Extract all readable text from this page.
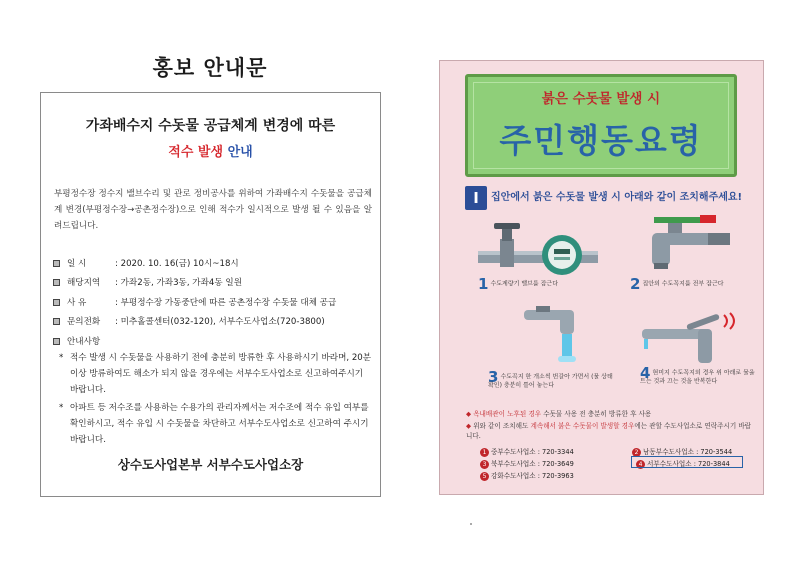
홍보 안내문
가좌배수지 수돗물 공급체계 변경에 따른
적수 발생 안내
부평정수장 정수지 밸브수리 및 관로 정비공사를 위하여 가좌배수지 수돗물을 공급체계 변경(부평정수장→공촌정수장)으로 인해 적수가 일시적으로 발생 될 수 있음을 알려드립니다.
일 시	: 2020. 10. 16(금) 10시~18시
해당지역 : 가좌2동, 가좌3동, 가좌4동 일원
사 유	: 부평정수장 가동중단에 따른 공촌정수장 수돗물 대체 공급
문의전화 : 미추홀콜센터(032-120), 서부수도사업소(720-3800)
안내사항
* 적수 발생 시 수돗물을 사용하기 전에 충분히 방류한 후 사용하시기 바라며, 20분 이상 방류하여도 해소가 되지 않을 경우에는 서부수도사업소로 신고하여주시기 바랍니다.
* 아파트 등 저수조를 사용하는 수용가의 관리자께서는 저수조에 적수 유입 여부를 확인하시고, 적수 유입 시 수돗물을 차단하고 서부수도사업소로 신고하여 주시기 바랍니다.
상수도사업본부 서부수도사업소장
붉은 수돗물 발생 시
주민행동요령
I	집안에서 붉은 수돗물 발생 시 아래와 같이 조치해주세요!
1 수도계량기 밸브를 잠근다	2 집안의 수도꼭지를 전부 잠근다
3 수도꼭지 한 개소씩 번갈아 가면서 (물 상태 확인) 충분히 틀어 놓는다
4 현미지 수도꼭지의 경우 위 아래로 물을 트는 것과 끄는 것을 반복한다
◆ 옥내배관이 노후된 경우 수돗물 사용 전 충분히 방류한 후 사용
◆ 위와 같이 조치해도 계속해서 붉은 수돗물이 발생할 경우에는 관할 수도사업소로 연락주시기 바랍니다.
1 중부수도사업소 : 720-3344	2 남동부수도사업소 : 720-3544
3 북부수도사업소 : 720-3649	4 서부수도사업소 : 720-3844
5 강화수도사업소 : 720-3963
